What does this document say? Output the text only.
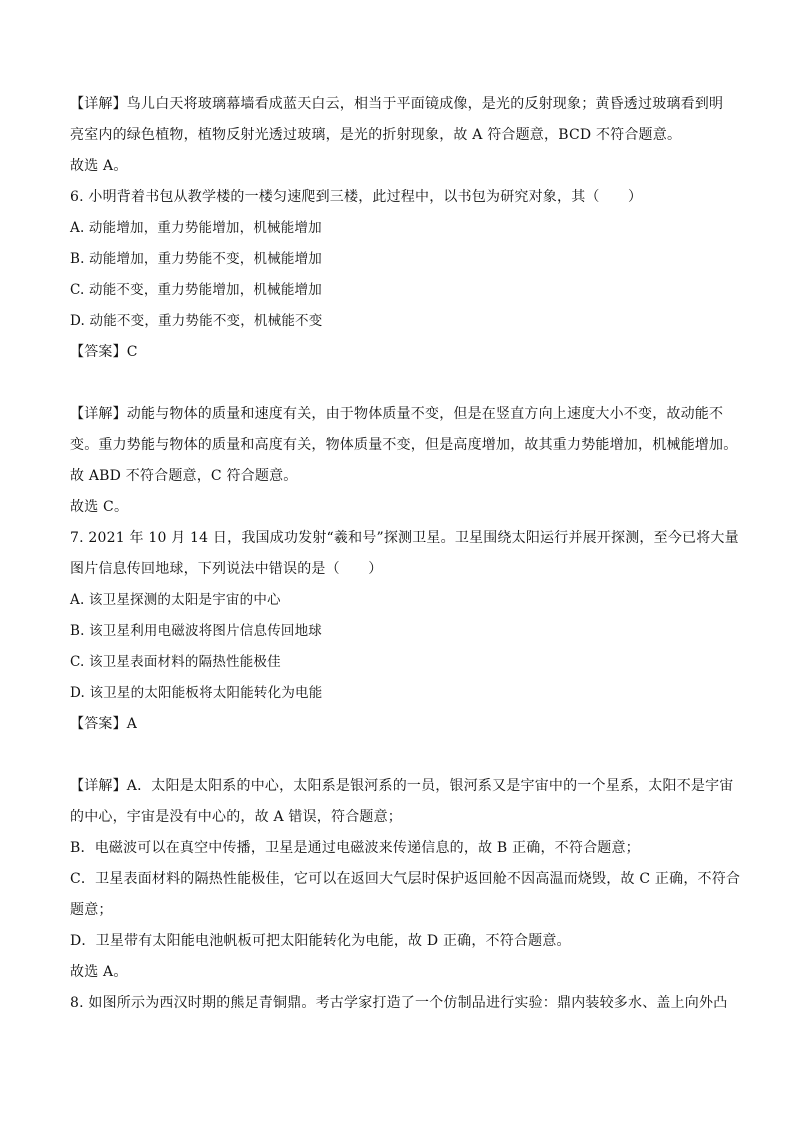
【详解】鸟儿白天将玻璃幕墙看成蓝天白云，相当于平面镜成像，是光的反射现象；黄昏透过玻璃看到明
亮室内的绿色植物，植物反射光透过玻璃，是光的折射现象，故 A 符合题意，BCD 不符合题意。
故选 A。
6. 小明背着书包从教学楼的一楼匀速爬到三楼，此过程中，以书包为研究对象，其（　　）
A. 动能增加，重力势能增加，机械能增加
B. 动能增加，重力势能不变，机械能增加
C. 动能不变，重力势能增加，机械能增加
D. 动能不变，重力势能不变，机械能不变
【答案】C
【详解】动能与物体的质量和速度有关，由于物体质量不变，但是在竖直方向上速度大小不变，故动能不
变。重力势能与物体的质量和高度有关，物体质量不变，但是高度增加，故其重力势能增加，机械能增加。
故 ABD 不符合题意，C 符合题意。
故选 C。
7. 2021 年 10 月 14 日，我国成功发射“羲和号”探测卫星。卫星围绕太阳运行并展开探测，至今已将大量
图片信息传回地球，下列说法中错误的是（　　）
A. 该卫星探测的太阳是宇宙的中心
B. 该卫星利用电磁波将图片信息传回地球
C. 该卫星表面材料的隔热性能极佳
D. 该卫星的太阳能板将太阳能转化为电能
【答案】A
【详解】A．太阳是太阳系的中心，太阳系是银河系的一员，银河系又是宇宙中的一个星系，太阳不是宇宙
的中心，宇宙是没有中心的，故 A 错误，符合题意；
B．电磁波可以在真空中传播，卫星是通过电磁波来传递信息的，故 B 正确，不符合题意；
C．卫星表面材料的隔热性能极佳，它可以在返回大气层时保护返回舱不因高温而烧毁，故 C 正确，不符合
题意；
D．卫星带有太阳能电池帆板可把太阳能转化为电能，故 D 正确，不符合题意。
故选 A。
8. 如图所示为西汉时期的熊足青铜鼎。考古学家打造了一个仿制品进行实验：鼎内装较多水、盖上向外凸
